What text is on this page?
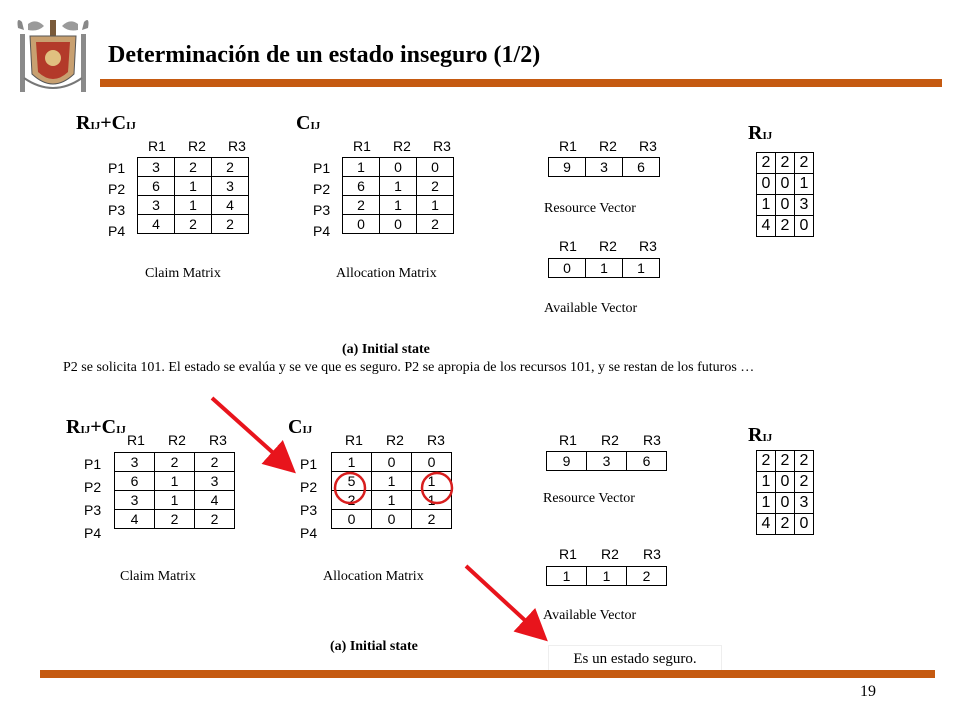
Determinación de un estado inseguro (1/2)
RIJ+CIJ	CIJ	RIJ
R1	R2	R3
P1
P2
P3
P4
3	2	2
6	1	3
3	1	4
4	2	2
Claim Matrix
R1	R2	R3
P1
P2
P3
P4
1	0	0
6	1	2
2	1	1
0	0	2
Allocation Matrix
R1	R2	R3
9	3	6
Resource Vector
R1	R2	R3
0	1	1
Available Vector
2	2	2
0	0	1
1	0	3
4	2	0
(a) Initial state
P2 se solicita 101. El estado se evalúa y se ve que es seguro. P2 se apropia de los recursos 101, y se restan de los futuros …
RIJ+CIJ	CIJ	RIJ
R1	R2	R3
P1
P2
P3
P4
3	2	2
6	1	3
3	1	4
4	2	2
Claim Matrix
R1	R2	R3
P1
P2
P3
P4
1	0	0
5	1	1
2	1	1
0	0	2
Allocation Matrix
R1	R2	R3
9	3	6
Resource Vector
R1	R2	R3
1	1	2
Available Vector
2	2	2
1	0	2
1	0	3
4	2	0
(a) Initial state
Es un estado seguro.
19
